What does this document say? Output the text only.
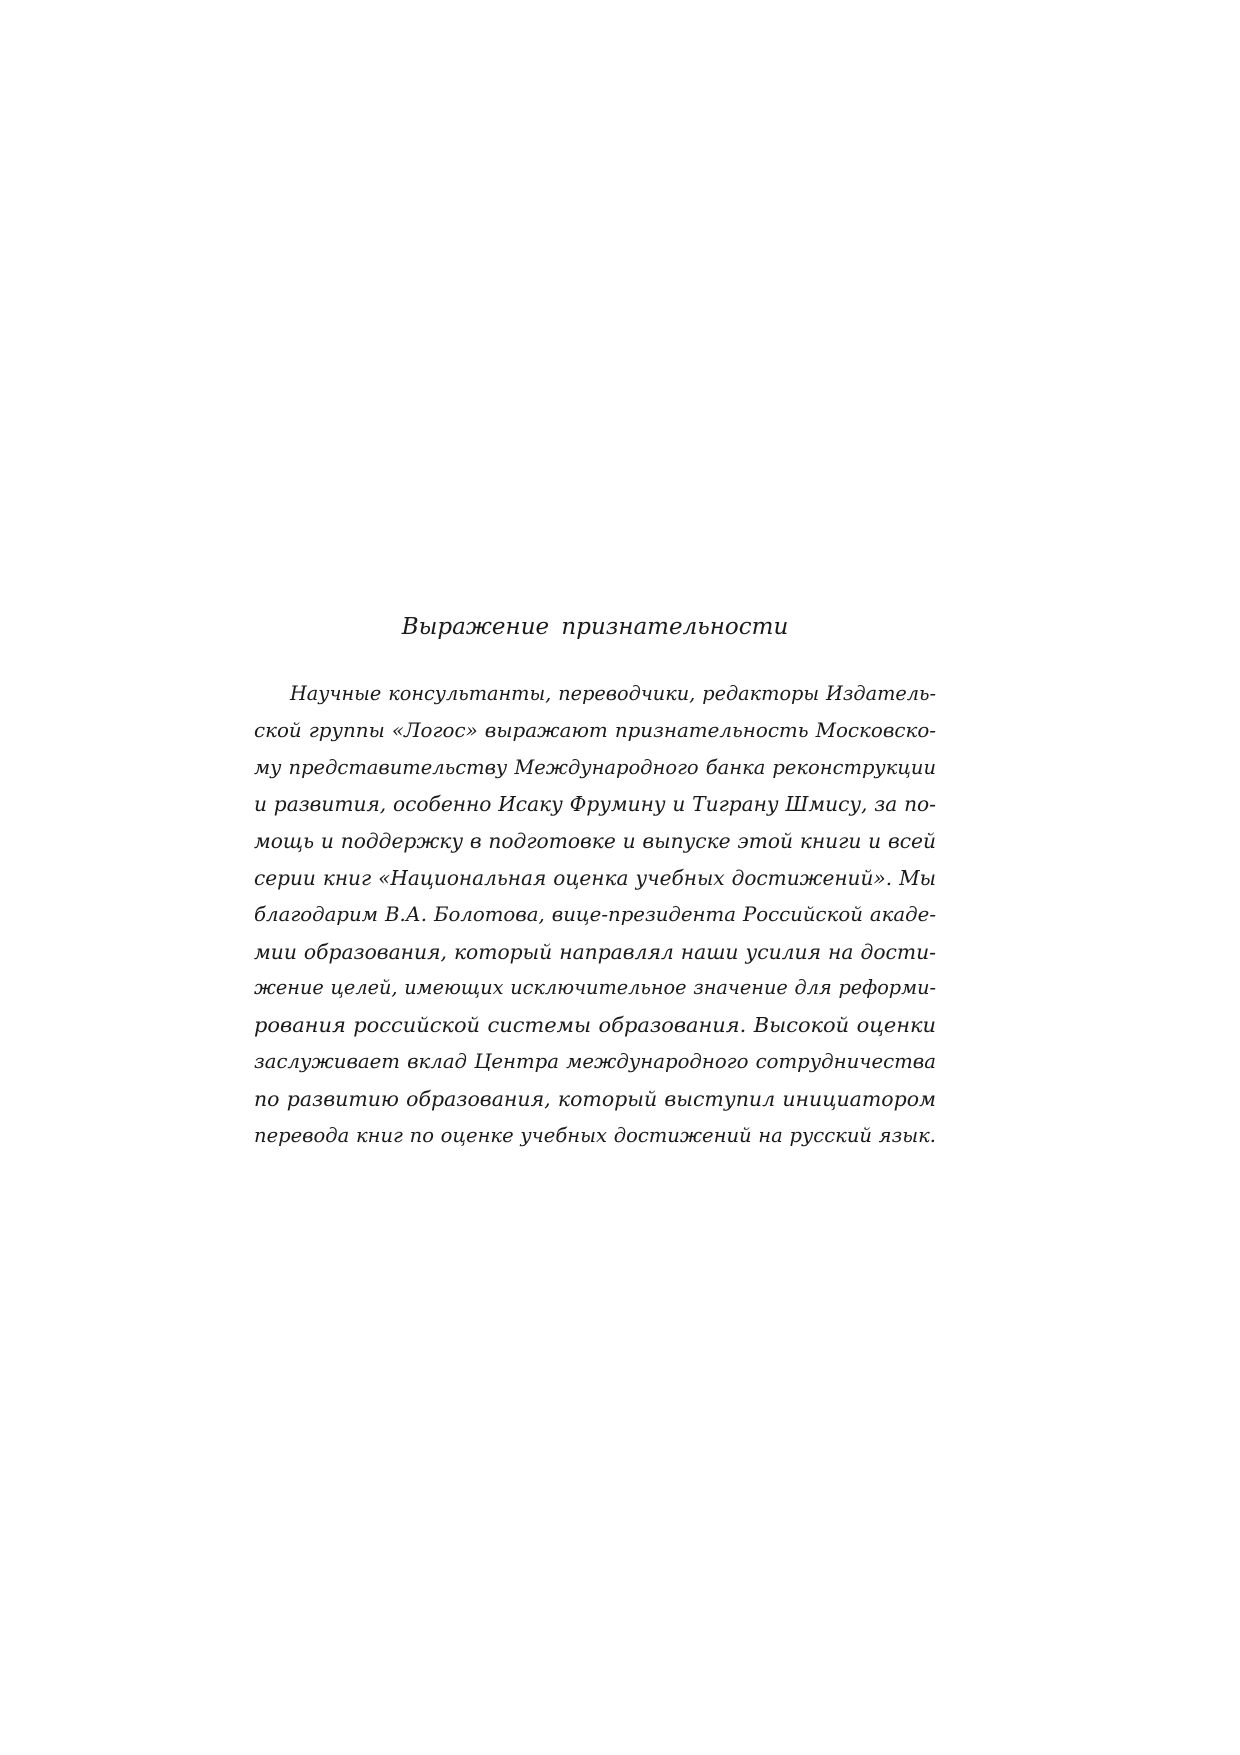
Выражение признательности
Научные консультанты, переводчики, редакторы Издатель-
ской группы «Логос» выражают признательность Московско-
му представительству Международного банка реконструкции
и развития, особенно Исаку Фрумину и Тиграну Шмису, за по-
мощь и поддержку в подготовке и выпуске этой книги и всей
серии книг «Национальная оценка учебных достижений». Мы
благодарим В.А. Болотова, вице-президента Российской акаде-
мии образования, который направлял наши усилия на дости-
жение целей, имеющих исключительное значение для реформи-
рования российской системы образования. Высокой оценки
заслуживает вклад Центра международного сотрудничества
по развитию образования, который выступил инициатором
перевода книг по оценке учебных достижений на русский язык.
